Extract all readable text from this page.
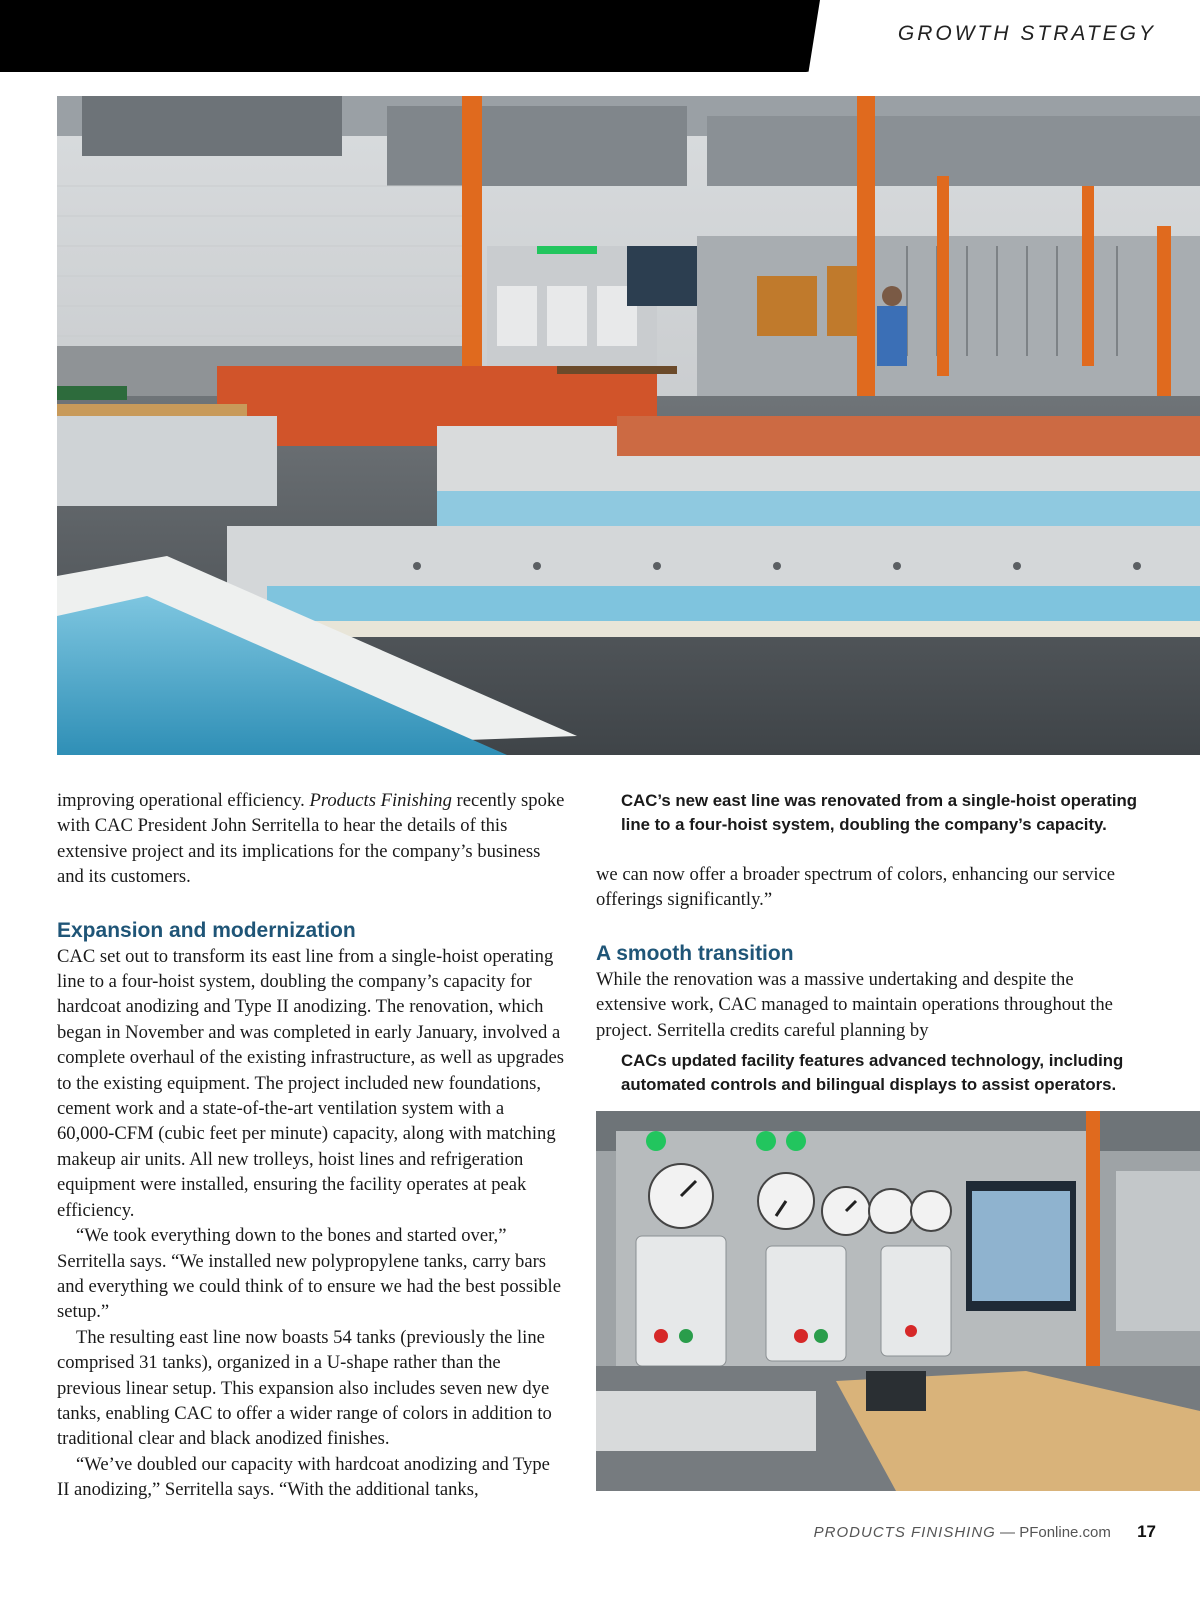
GROWTH STRATEGY

improving operational efficiency. Products Finishing recently spoke with CAC President John Serritella to hear the details of this extensive project and its implications for the company’s business and its customers.

Expansion and modernization

CAC set out to transform its east line from a single-hoist operating line to a four-hoist system, doubling the company’s capacity for hardcoat anodizing and Type II anodizing. The renovation, which began in November and was completed in early January, involved a complete overhaul of the existing infrastructure, as well as upgrades to the existing equipment. The project included new foundations, cement work and a state-of-the-art ventilation system with a 60,000-CFM (cubic feet per minute) capacity, along with matching makeup air units. All new trolleys, hoist lines and refrigeration equipment were installed, ensuring the facility operates at peak efficiency.

“We took everything down to the bones and started over,” Serritella says. “We installed new polypropylene tanks, carry bars and everything we could think of to ensure we had the best possible setup.”

The resulting east line now boasts 54 tanks (previously the line comprised 31 tanks), organized in a U-shape rather than the previous linear setup. This expansion also includes seven new dye tanks, enabling CAC to offer a wider range of colors in addition to traditional clear and black anodized finishes.

“We’ve doubled our capacity with hardcoat anodizing and Type II anodizing,” Serritella says. “With the additional tanks,

CAC’s new east line was renovated from a single-hoist operating line to a four-hoist system, doubling the company’s capacity.

we can now offer a broader spectrum of colors, enhancing our service offerings significantly.”

A smooth transition

While the renovation was a massive undertaking and despite the extensive work, CAC managed to maintain operations throughout the project. Serritella credits careful planning by

CACs updated facility features advanced technology, including automated controls and bilingual displays to assist operators.
PRODUCTS FINISHING — PFonline.com 17
